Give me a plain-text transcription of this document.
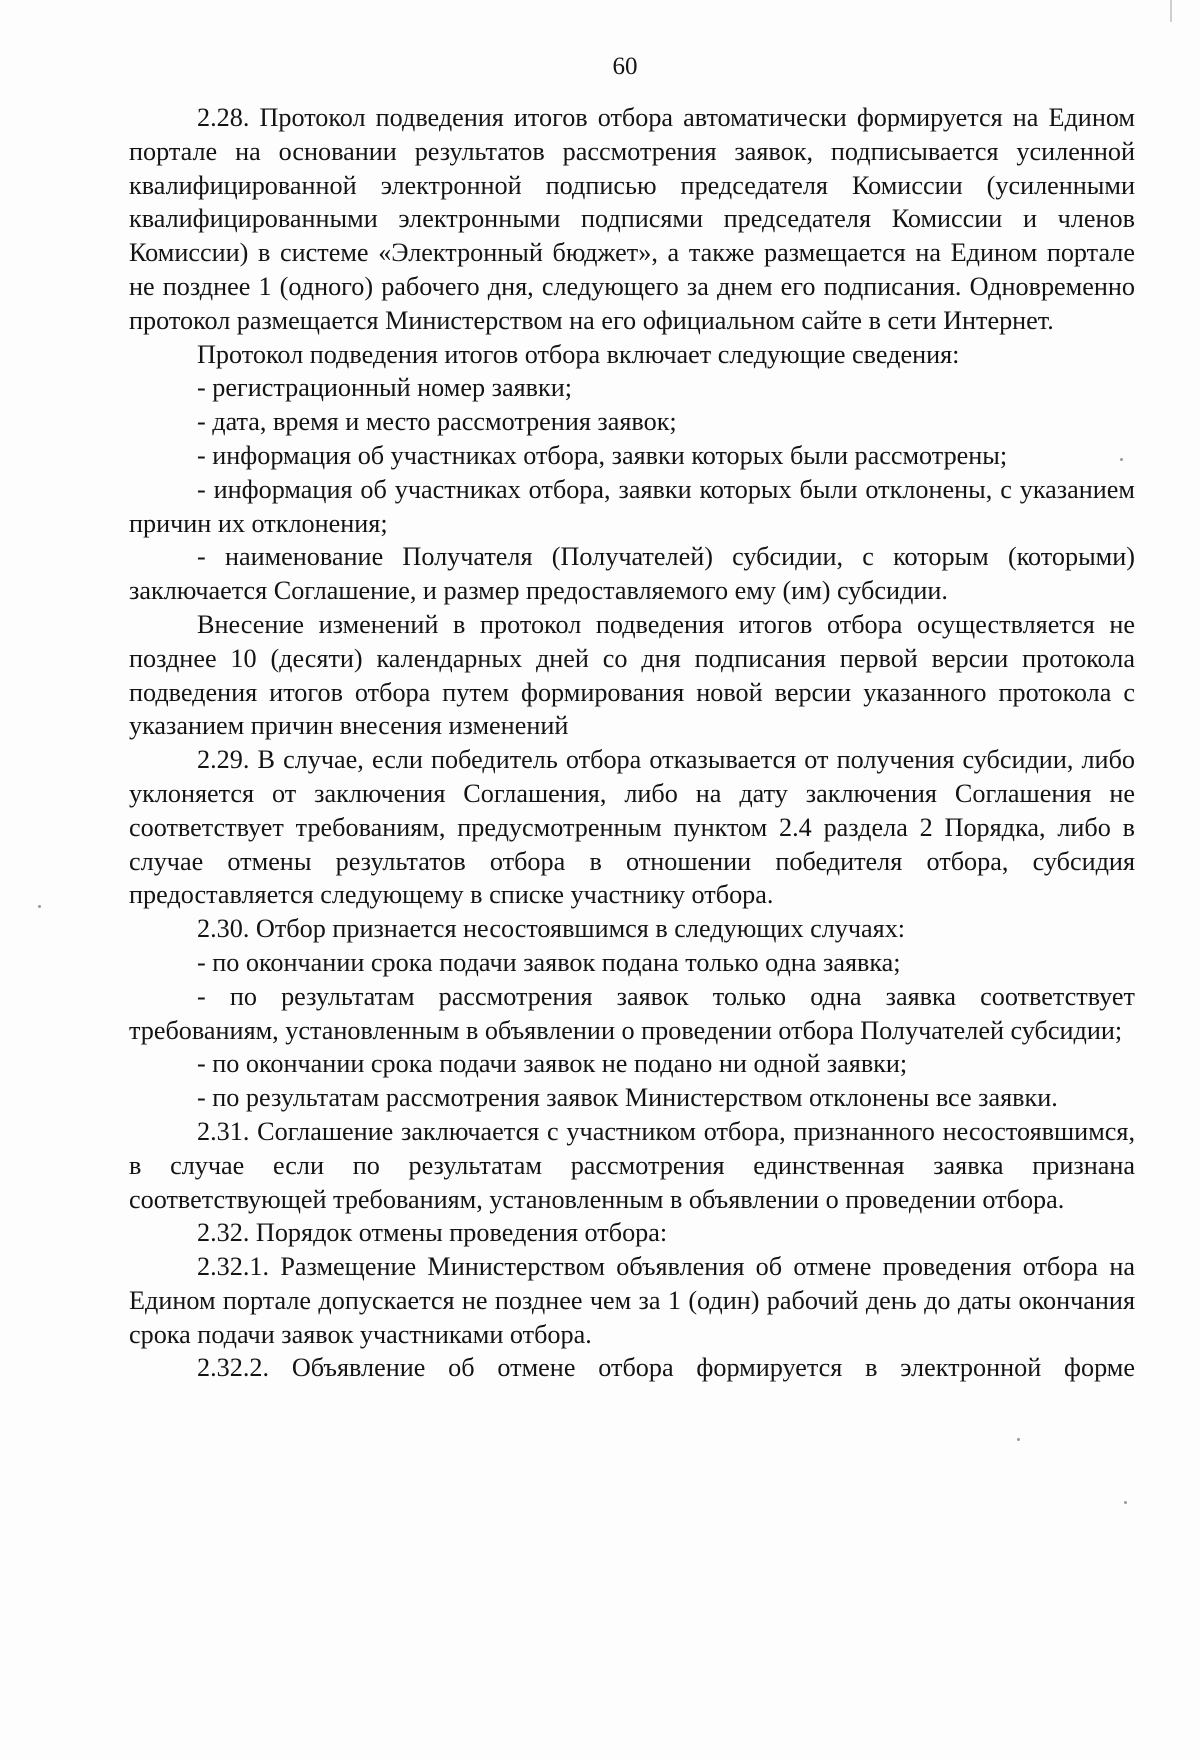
60

2.28. Протокол подведения итогов отбора автоматически формируется на Едином портале на основании результатов рассмотрения заявок, подписывается усиленной квалифицированной электронной подписью председателя Комиссии (усиленными квалифицированными электронными подписями председателя Комиссии и членов Комиссии) в системе «Электронный бюджет», а также размещается на Едином портале не позднее 1 (одного) рабочего дня, следующего за днем его подписания. Одновременно протокол размещается Министерством на его официальном сайте в сети Интернет.

Протокол подведения итогов отбора включает следующие сведения:

- регистрационный номер заявки;

- дата, время и место рассмотрения заявок;

- информация об участниках отбора, заявки которых были рассмотрены;

- информация об участниках отбора, заявки которых были отклонены, с указанием причин их отклонения;

- наименование Получателя (Получателей) субсидии, с которым (которыми) заключается Соглашение, и размер предоставляемого ему (им) субсидии.

Внесение изменений в протокол подведения итогов отбора осуществляется не позднее 10 (десяти) календарных дней со дня подписания первой версии протокола подведения итогов отбора путем формирования новой версии указанного протокола с указанием причин внесения изменений

2.29. В случае, если победитель отбора отказывается от получения субсидии, либо уклоняется от заключения Соглашения, либо на дату заключения Соглашения не соответствует требованиям, предусмотренным пунктом 2.4 раздела 2 Порядка, либо в случае отмены результатов отбора в отношении победителя отбора, субсидия предоставляется следующему в списке участнику отбора.

2.30. Отбор признается несостоявшимся в следующих случаях:

- по окончании срока подачи заявок подана только одна заявка;

- по результатам рассмотрения заявок только одна заявка соответствует требованиям, установленным в объявлении о проведении отбора Получателей субсидии;

- по окончании срока подачи заявок не подано ни одной заявки;

- по результатам рассмотрения заявок Министерством отклонены все заявки.

2.31. Соглашение заключается с участником отбора, признанного несостоявшимся, в случае если по результатам рассмотрения единственная заявка признана соответствующей требованиям, установленным в объявлении о проведении отбора.

2.32. Порядок отмены проведения отбора:

2.32.1. Размещение Министерством объявления об отмене проведения отбора на Едином портале допускается не позднее чем за 1 (один) рабочий день до даты окончания срока подачи заявок участниками отбора.

2.32.2. Объявление об отмене отбора формируется в электронной форме
